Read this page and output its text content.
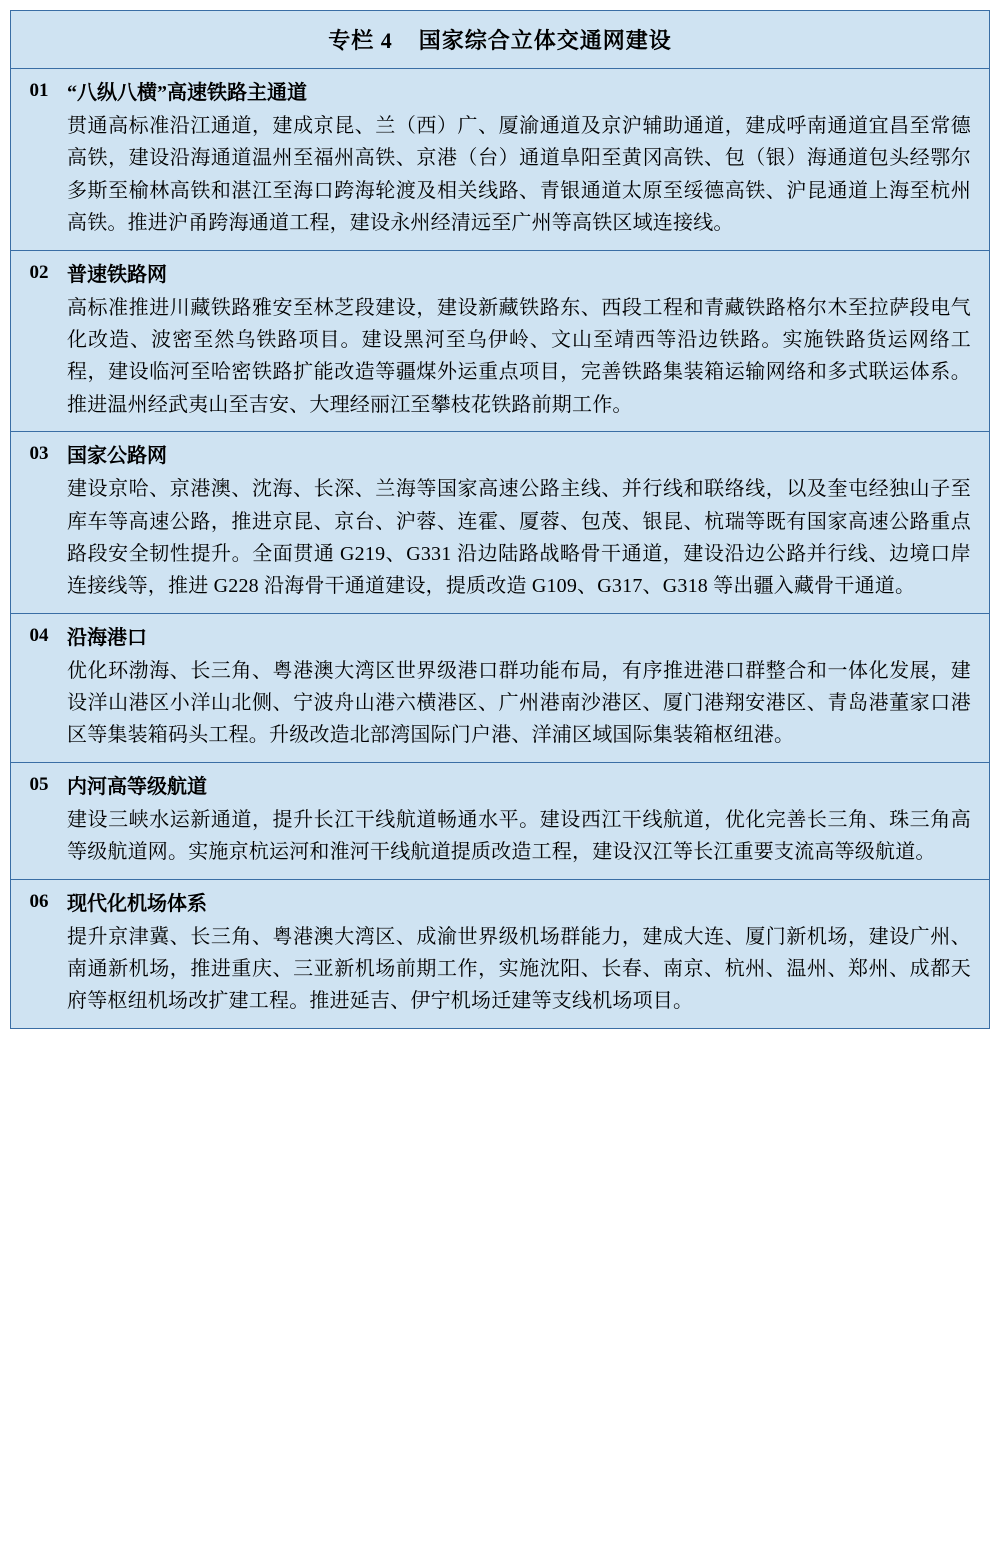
专栏 4 国家综合立体交通网建设
01 “八纵八横”高速铁路主通道
贯通高标准沿江通道，建成京昆、兰（西）广、厦渝通道及京沪辅助通道，建成呼南通道宜昌至常德高铁，建设沿海通道温州至福州高铁、京港（台）通道阜阳至黄冈高铁、包（银）海通道包头经鄂尔多斯至榆林高铁和湛江至海口跨海轮渡及相关线路、青银通道太原至绥德高铁、沪昆通道上海至杭州高铁。推进沪甬跨海通道工程，建设永州经清远至广州等高铁区域连接线。
02 普速铁路网
高标准推进川藏铁路雅安至林芝段建设，建设新藏铁路东、西段工程和青藏铁路格尔木至拉萨段电气化改造、波密至然乌铁路项目。建设黑河至乌伊岭、文山至靖西等沿边铁路。实施铁路货运网络工程，建设临河至哈密铁路扩能改造等疆煤外运重点项目，完善铁路集装箱运输网络和多式联运体系。推进温州经武夷山至吉安、大理经丽江至攀枝花铁路前期工作。
03 国家公路网
建设京哈、京港澳、沈海、长深、兰海等国家高速公路主线、并行线和联络线，以及奎屯经独山子至库车等高速公路，推进京昆、京台、沪蓉、连霍、厦蓉、包茂、银昆、杭瑞等既有国家高速公路重点路段安全韧性提升。全面贯通 G219、G331 沿边陆路战略骨干通道，建设沿边公路并行线、边境口岸连接线等，推进 G228 沿海骨干通道建设，提质改造 G109、G317、G318 等出疆入藏骨干通道。
04 沿海港口
优化环渤海、长三角、粤港澳大湾区世界级港口群功能布局，有序推进港口群整合和一体化发展，建设洋山港区小洋山北侧、宁波舟山港六横港区、广州港南沙港区、厦门港翔安港区、青岛港董家口港区等集装箱码头工程。升级改造北部湾国际门户港、洋浦区域国际集装箱枢纽港。
05 内河高等级航道
建设三峡水运新通道，提升长江干线航道畅通水平。建设西江干线航道，优化完善长三角、珠三角高等级航道网。实施京杭运河和淮河干线航道提质改造工程，建设汉江等长江重要支流高等级航道。
06 现代化机场体系
提升京津冀、长三角、粤港澳大湾区、成渝世界级机场群能力，建成大连、厦门新机场，建设广州、南通新机场，推进重庆、三亚新机场前期工作，实施沈阳、长春、南京、杭州、温州、郑州、成都天府等枢纽机场改扩建工程。推进延吉、伊宁机场迁建等支线机场项目。
